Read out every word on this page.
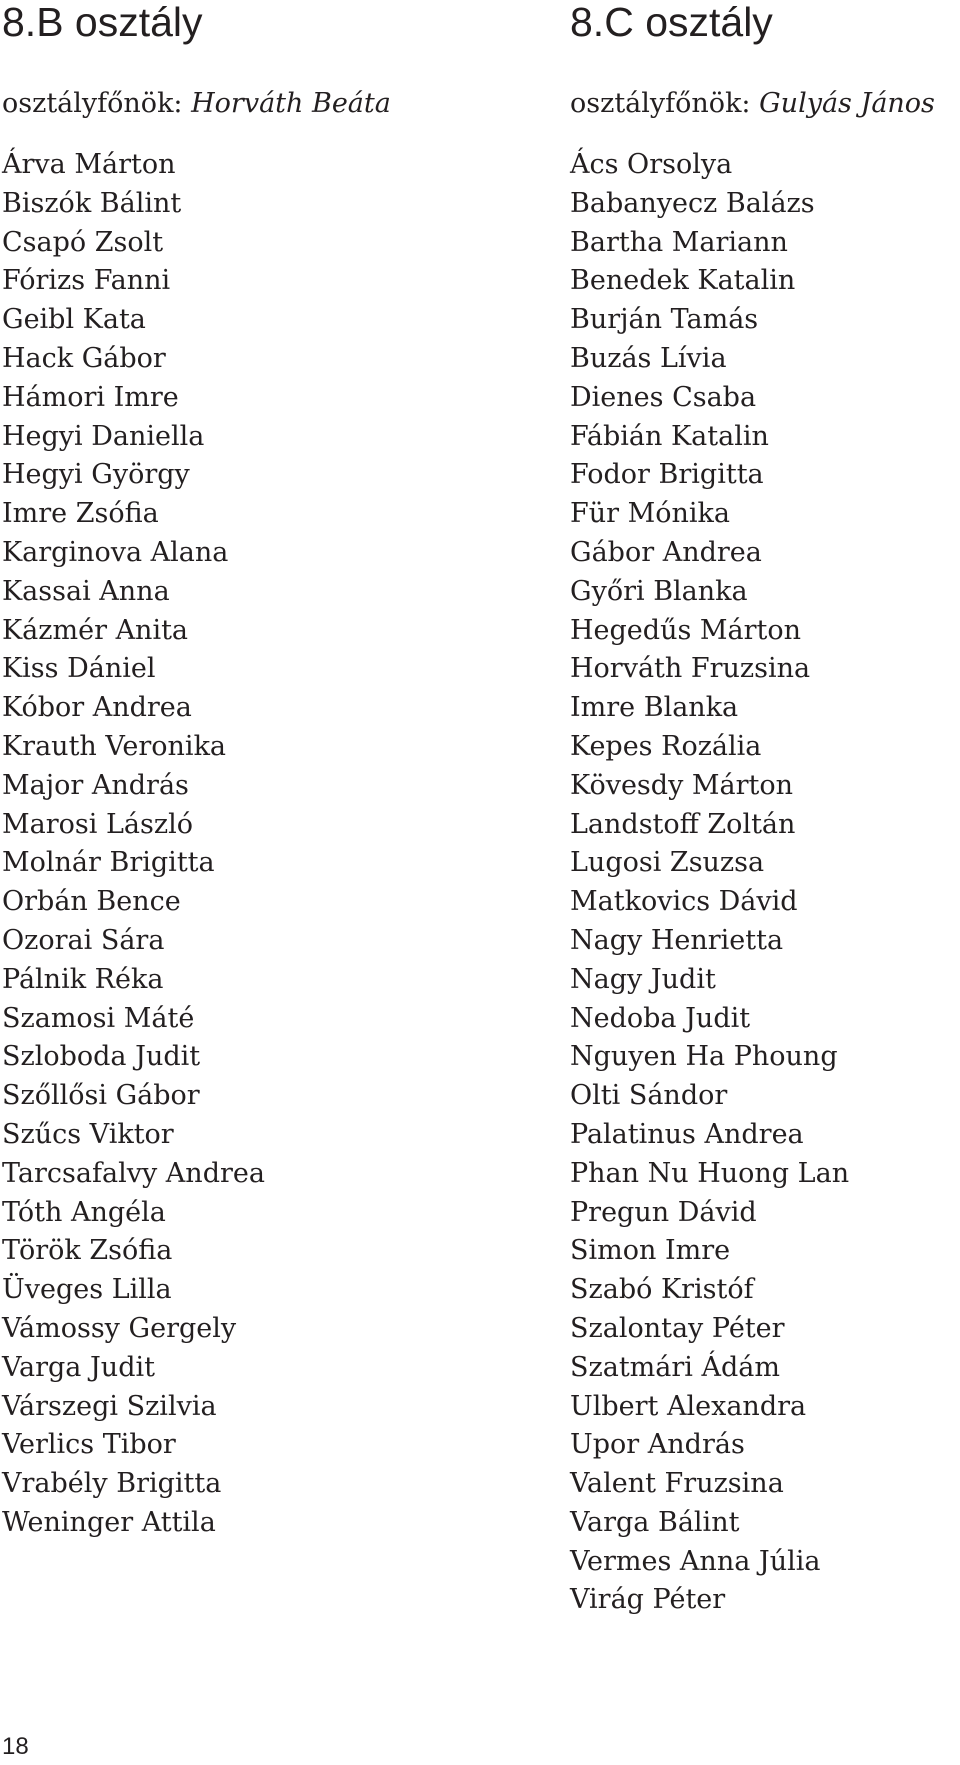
8.B osztály
osztályfőnök: Horváth Beáta
Árva Márton
Biszók Bálint
Csapó Zsolt
Fórizs Fanni
Geibl Kata
Hack Gábor
Hámori Imre
Hegyi Daniella
Hegyi György
Imre Zsófia
Karginova Alana
Kassai Anna
Kázmér Anita
Kiss Dániel
Kóbor Andrea
Krauth Veronika
Major András
Marosi László
Molnár Brigitta
Orbán Bence
Ozorai Sára
Pálnik Réka
Szamosi Máté
Szloboda Judit
Szőllősi Gábor
Szűcs Viktor
Tarcsafalvy Andrea
Tóth Angéla
Török Zsófia
Üveges Lilla
Vámossy Gergely
Varga Judit
Várszegi Szilvia
Verlics Tibor
Vrabély Brigitta
Weninger Attila
8.C osztály
osztályfőnök: Gulyás János
Ács Orsolya
Babanyecz Balázs
Bartha Mariann
Benedek Katalin
Burján Tamás
Buzás Lívia
Dienes Csaba
Fábián Katalin
Fodor Brigitta
Für Mónika
Gábor Andrea
Győri Blanka
Hegedűs Márton
Horváth Fruzsina
Imre Blanka
Kepes Rozália
Kövesdy Márton
Landstoff Zoltán
Lugosi Zsuzsa
Matkovics Dávid
Nagy Henrietta
Nagy Judit
Nedoba Judit
Nguyen Ha Phoung
Olti Sándor
Palatinus Andrea
Phan Nu Huong Lan
Pregun Dávid
Simon Imre
Szabó Kristóf
Szalontay Péter
Szatmári Ádám
Ulbert Alexandra
Upor András
Valent Fruzsina
Varga Bálint
Vermes Anna Júlia
Virág Péter
18
